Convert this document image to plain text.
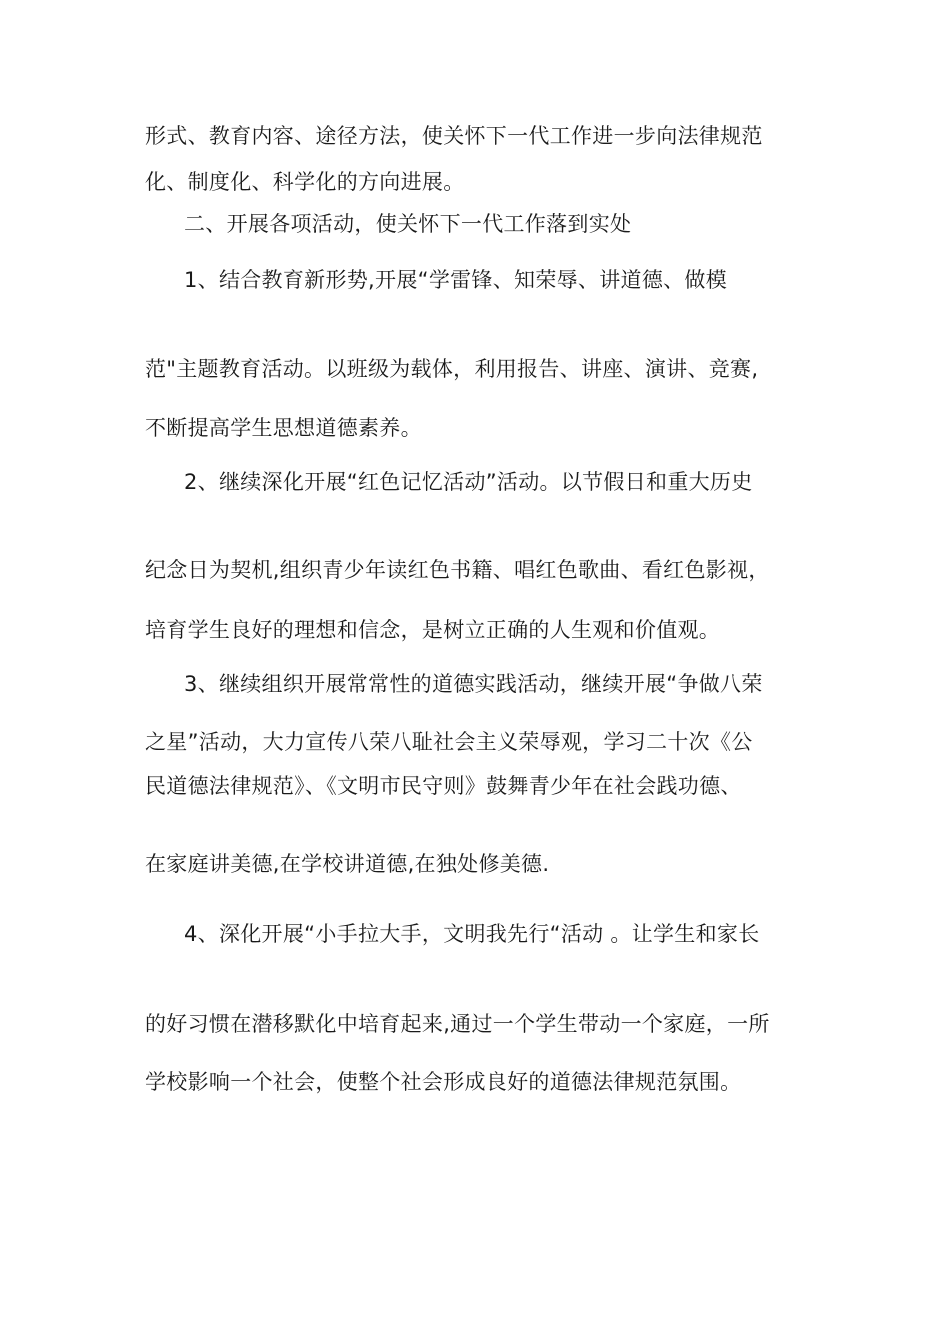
形式、教育内容、途径方法，使关怀下一代工作进一步向法律规范
化、制度化、科学化的方向进展。
二、开展各项活动，使关怀下一代工作落到实处
1、结合教育新形势,开展“学雷锋、知荣辱、讲道德、做模
范"主题教育活动。以班级为载体，利用报告、讲座、演讲、竞赛,
不断提高学生思想道德素养。
2、继续深化开展“红色记忆活动”活动。以节假日和重大历史
纪念日为契机,组织青少年读红色书籍、唱红色歌曲、看红色影视，
培育学生良好的理想和信念，是树立正确的人生观和价值观。
3、继续组织开展常常性的道德实践活动，继续开展“争做八荣
之星”活动，大力宣传八荣八耻社会主义荣辱观，学习二十次《公
民道德法律规范》、《文明市民守则》鼓舞青少年在社会践功德、
在家庭讲美德,在学校讲道德,在独处修美德.
4、深化开展“小手拉大手，文明我先行“活动 。让学生和家长
的好习惯在潜移默化中培育起来,通过一个学生带动一个家庭，一所
学校影响一个社会，使整个社会形成良好的道德法律规范氛围。
